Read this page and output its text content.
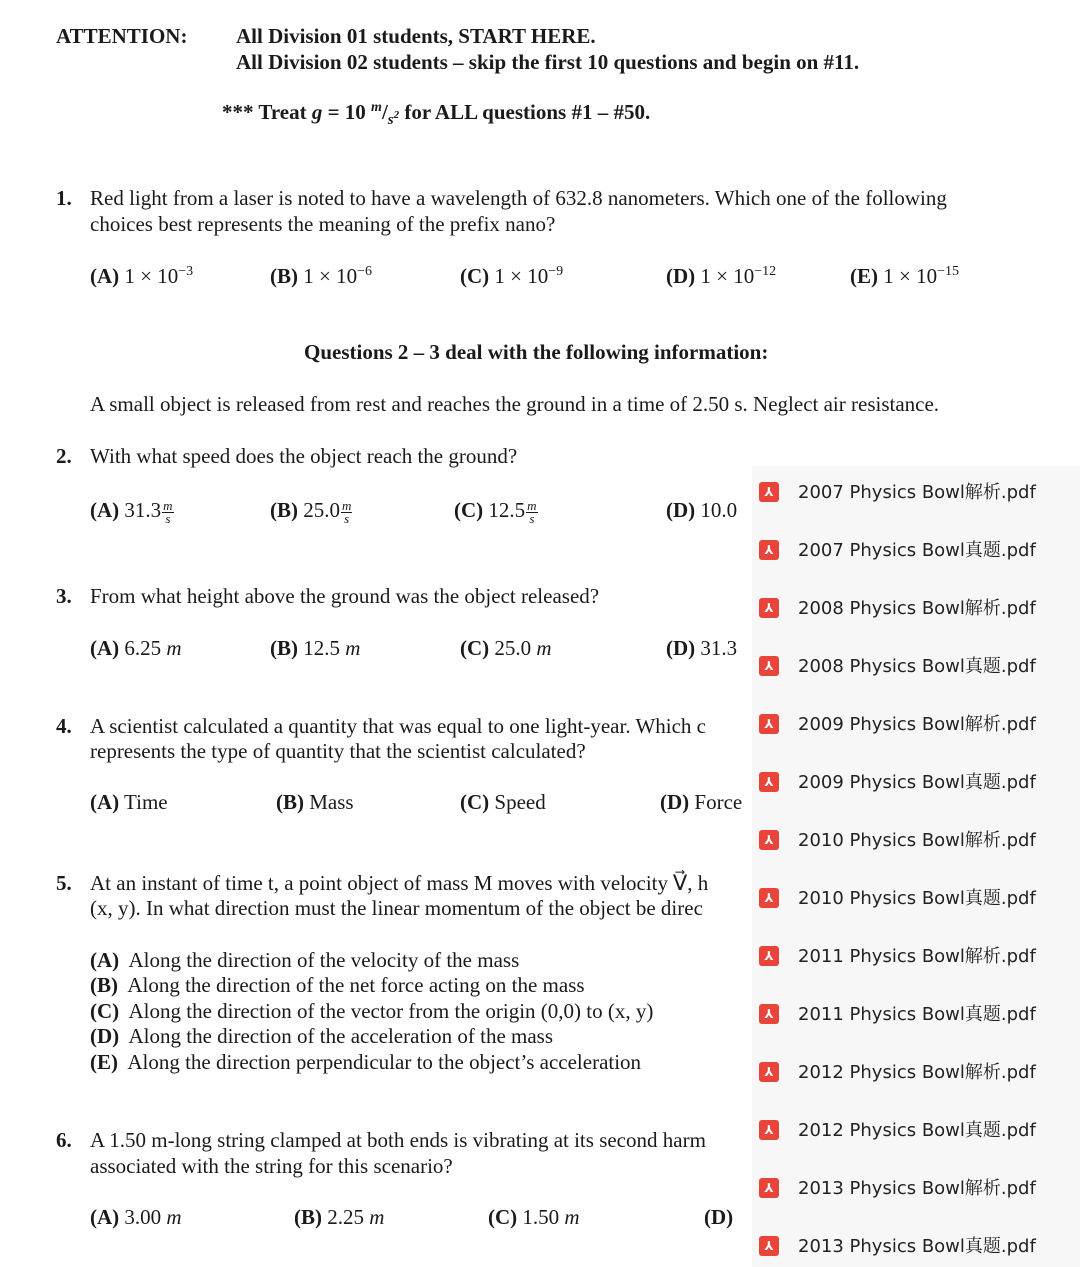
ATTENTION: All Division 01 students, START HERE.
All Division 02 students – skip the first 10 questions and begin on #11.
*** Treat g = 10 $^m/_{s^2}$ for ALL questions #1 – #50.
1. Red light from a laser is noted to have a wavelength of 632.8 nanometers. Which one of the following
choices best represents the meaning of the prefix nano?
(A) $1 \times 10^{-3}$	(B) $1 \times 10^{-6}$	(C) $1 \times 10^{-9}$	(D) $1 \times 10^{-12}$	(E) $1 \times 10^{-15}$
Questions 2 – 3 deal with the following information:
A small object is released from rest and reaches the ground in a time of 2.50 s. Neglect air resistance.
2. With what speed does the object reach the ground?
(A) $31.3 \frac{m}{s}$	(B) $25.0 \frac{m}{s}$	(C) $12.5 \frac{m}{s}$	(D) 10.0
3. From what height above the ground was the object released?
(A) 6.25 m	(B) 12.5 m	(C) 25.0 m	(D) 31.3
4. A scientist calculated a quantity that was equal to one light-year. Which c
represents the type of quantity that the scientist calculated?
(A) Time	(B) Mass	(C) Speed	(D) Force
5. At an instant of time t, a point object of mass M moves with velocity V⃗, h
(x, y). In what direction must the linear momentum of the object be direc
(A) Along the direction of the velocity of the mass
(B) Along the direction of the net force acting on the mass
(C) Along the direction of the vector from the origin (0,0) to (x, y)
(D) Along the direction of the acceleration of the mass
(E) Along the direction perpendicular to the object’s acceleration
6. A 1.50 m-long string clamped at both ends is vibrating at its second harm
associated with the string for this scenario?
(A) 3.00 m	(B) 2.25 m	(C) 1.50 m	(D)
⅄	2007 Physics Bowl解析.pdf
⅄	2007 Physics Bowl真题.pdf
⅄	2008 Physics Bowl解析.pdf
⅄	2008 Physics Bowl真题.pdf
⅄	2009 Physics Bowl解析.pdf
⅄	2009 Physics Bowl真题.pdf
⅄	2010 Physics Bowl解析.pdf
⅄	2010 Physics Bowl真题.pdf
⅄	2011 Physics Bowl解析.pdf
⅄	2011 Physics Bowl真题.pdf
⅄	2012 Physics Bowl解析.pdf
⅄	2012 Physics Bowl真题.pdf
⅄	2013 Physics Bowl解析.pdf
⅄	2013 Physics Bowl真题.pdf
